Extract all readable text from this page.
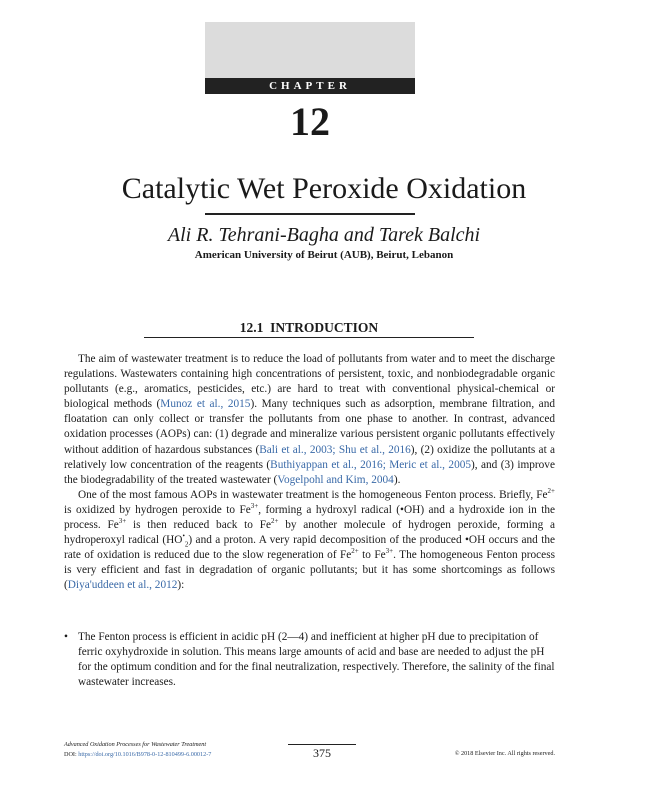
CHAPTER
12
Catalytic Wet Peroxide Oxidation
Ali R. Tehrani-Bagha and Tarek Balchi
American University of Beirut (AUB), Beirut, Lebanon
12.1 INTRODUCTION

The aim of wastewater treatment is to reduce the load of pollutants from water and to meet the discharge regulations. Wastewaters containing high concentrations of persistent, toxic, and nonbiodegradable organic pollutants (e.g., aromatics, pesticides, etc.) are hard to treat with conventional physical-chemical or biological methods (Munoz et al., 2015). Many techniques such as adsorption, membrane filtration, and floatation can only collect or transfer the pollutants from one phase to another. In contrast, advanced oxidation processes (AOPs) can: (1) degrade and mineralize various persistent organic pollutants effectively without addition of hazardous substances (Bali et al., 2003; Shu et al., 2016), (2) oxidize the pollutants at a relatively low concentration of the reagents (Buthiyappan et al., 2016; Meric et al., 2005), and (3) improve the biodegradability of the treated wastewater (Vogelpohl and Kim, 2004).

One of the most famous AOPs in wastewater treatment is the homogeneous Fenton process. Briefly, $Fe^{2+}$ is oxidized by hydrogen peroxide to $Fe^{3+}$, forming a hydroxyl radical (•OH) and a hydroxide ion in the process. $Fe^{3+}$ is then reduced back to $Fe^{2+}$ by another molecule of hydrogen peroxide, forming a hydroperoxyl radical $(HO^•_2)$ and a proton. A very rapid decomposition of the produced •OH occurs and the rate of oxidation is reduced due to the slow regeneration of $Fe^{2+}$ to $Fe^{3+}$. The homogeneous Fenton process is very efficient and fast in degradation of organic pollutants; but it has some shortcomings as follows (Diya'uddeen et al., 2012):

• The Fenton process is efficient in acidic pH (2—4) and inefficient at higher pH due to precipitation of ferric oxyhydroxide in solution. This means large amounts of acid and base are needed to adjust the pH for the optimum condition and for the final neutralization, respectively. Therefore, the salinity of the final wastewater increases.
Advanced Oxidation Processes for Wastewater Treatment
DOI: https://doi.org/10.1016/B978-0-12-810499-6.00012-7	375	© 2018 Elsevier Inc. All rights reserved.
